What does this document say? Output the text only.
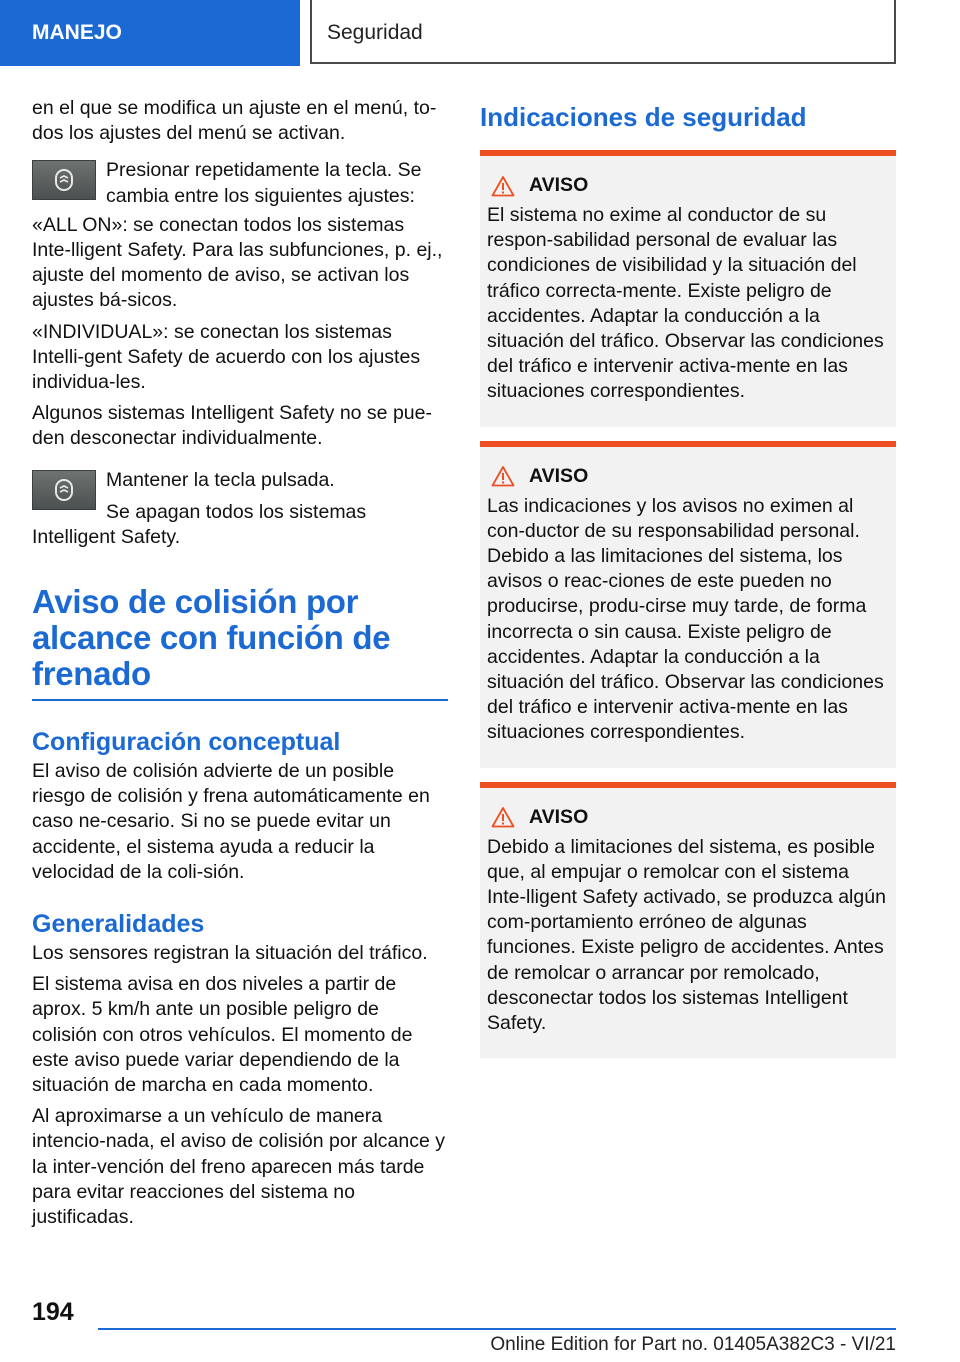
MANEJO	Seguridad

en el que se modifica un ajuste en el menú, to-dos los ajustes del menú se activan.

Presionar repetidamente la tecla. Se cambia entre los siguientes ajustes:

«ALL ON»: se conectan todos los sistemas Inte-lligent Safety. Para las subfunciones, p. ej., ajuste del momento de aviso, se activan los ajustes bá-sicos.

«INDIVIDUAL»: se conectan los sistemas Intelli-gent Safety de acuerdo con los ajustes individua-les.

Algunos sistemas Intelligent Safety no se pue-den desconectar individualmente.

Mantener la tecla pulsada.

Se apagan todos los sistemas Intelligent Safety.

Aviso de colisión por alcance con función de frenado
Configuración conceptual

El aviso de colisión advierte de un posible riesgo de colisión y frena automáticamente en caso ne-cesario. Si no se puede evitar un accidente, el sistema ayuda a reducir la velocidad de la coli-sión.

Generalidades

Los sensores registran la situación del tráfico.

El sistema avisa en dos niveles a partir de aprox. 5 km/h ante un posible peligro de colisión con otros vehículos. El momento de este aviso puede variar dependiendo de la situación de marcha en cada momento.

Al aproximarse a un vehículo de manera intencio-nada, el aviso de colisión por alcance y la inter-vención del freno aparecen más tarde para evitar reacciones del sistema no justificadas.

Indicaciones de seguridad
AVISO

El sistema no exime al conductor de su respon-sabilidad personal de evaluar las condiciones de visibilidad y la situación del tráfico correcta-mente. Existe peligro de accidentes. Adaptar la conducción a la situación del tráfico. Observar las condiciones del tráfico e intervenir activa-mente en las situaciones correspondientes.

AVISO

Las indicaciones y los avisos no eximen al con-ductor de su responsabilidad personal. Debido a las limitaciones del sistema, los avisos o reac-ciones de este pueden no producirse, produ-cirse muy tarde, de forma incorrecta o sin causa. Existe peligro de accidentes. Adaptar la conducción a la situación del tráfico. Observar las condiciones del tráfico e intervenir activa-mente en las situaciones correspondientes.

AVISO

Debido a limitaciones del sistema, es posible que, al empujar o remolcar con el sistema Inte-lligent Safety activado, se produzca algún com-portamiento erróneo de algunas funciones. Existe peligro de accidentes. Antes de remolcar o arrancar por remolcado, desconectar todos los sistemas Intelligent Safety.

194
Online Edition for Part no. 01405A382C3 - VI/21
